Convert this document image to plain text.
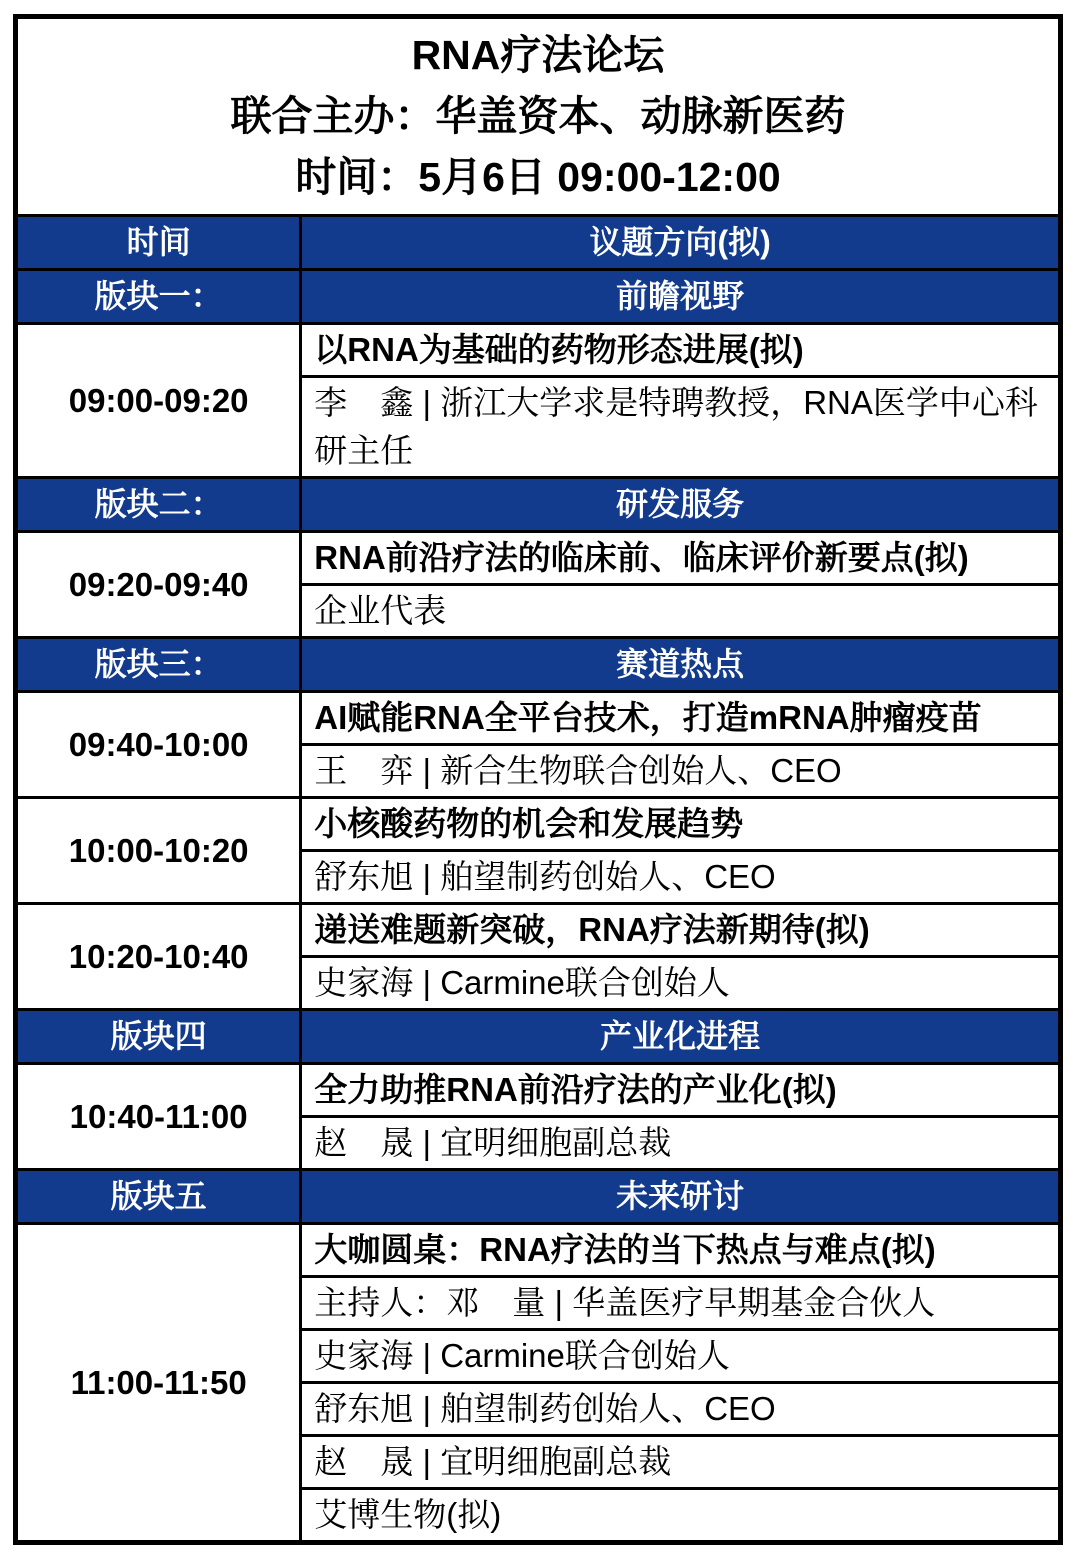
RNA疗法论坛
联合主办：华盖资本、动脉新医药
时间：5月6日 09:00-12:00	

时间	议题方向(拟)
版块一：	前瞻视野
09:00-09:20	以RNA为基础的药物形态进展(拟)
	李　鑫 | 浙江大学求是特聘教授，RNA医学中心科研主任
版块二：	研发服务
09:20-09:40	RNA前沿疗法的临床前、临床评价新要点(拟)
	企业代表
版块三：	赛道热点
09:40-10:00	AI赋能RNA全平台技术，打造mRNA肿瘤疫苗
	王　弈 | 新合生物联合创始人、CEO
10:00-10:20	小核酸药物的机会和发展趋势
	舒东旭 | 舶望制药创始人、CEO
10:20-10:40	递送难题新突破，RNA疗法新期待(拟)
	史家海 | Carmine联合创始人
版块四	产业化进程
10:40-11:00	全力助推RNA前沿疗法的产业化(拟)
	赵　晟 | 宜明细胞副总裁
版块五	未来研讨
11:00-11:50	大咖圆桌：RNA疗法的当下热点与难点(拟)
	主持人：邓　量 | 华盖医疗早期基金合伙人
	史家海 | Carmine联合创始人
	舒东旭 | 舶望制药创始人、CEO
	赵　晟 | 宜明细胞副总裁
	艾博生物(拟)
